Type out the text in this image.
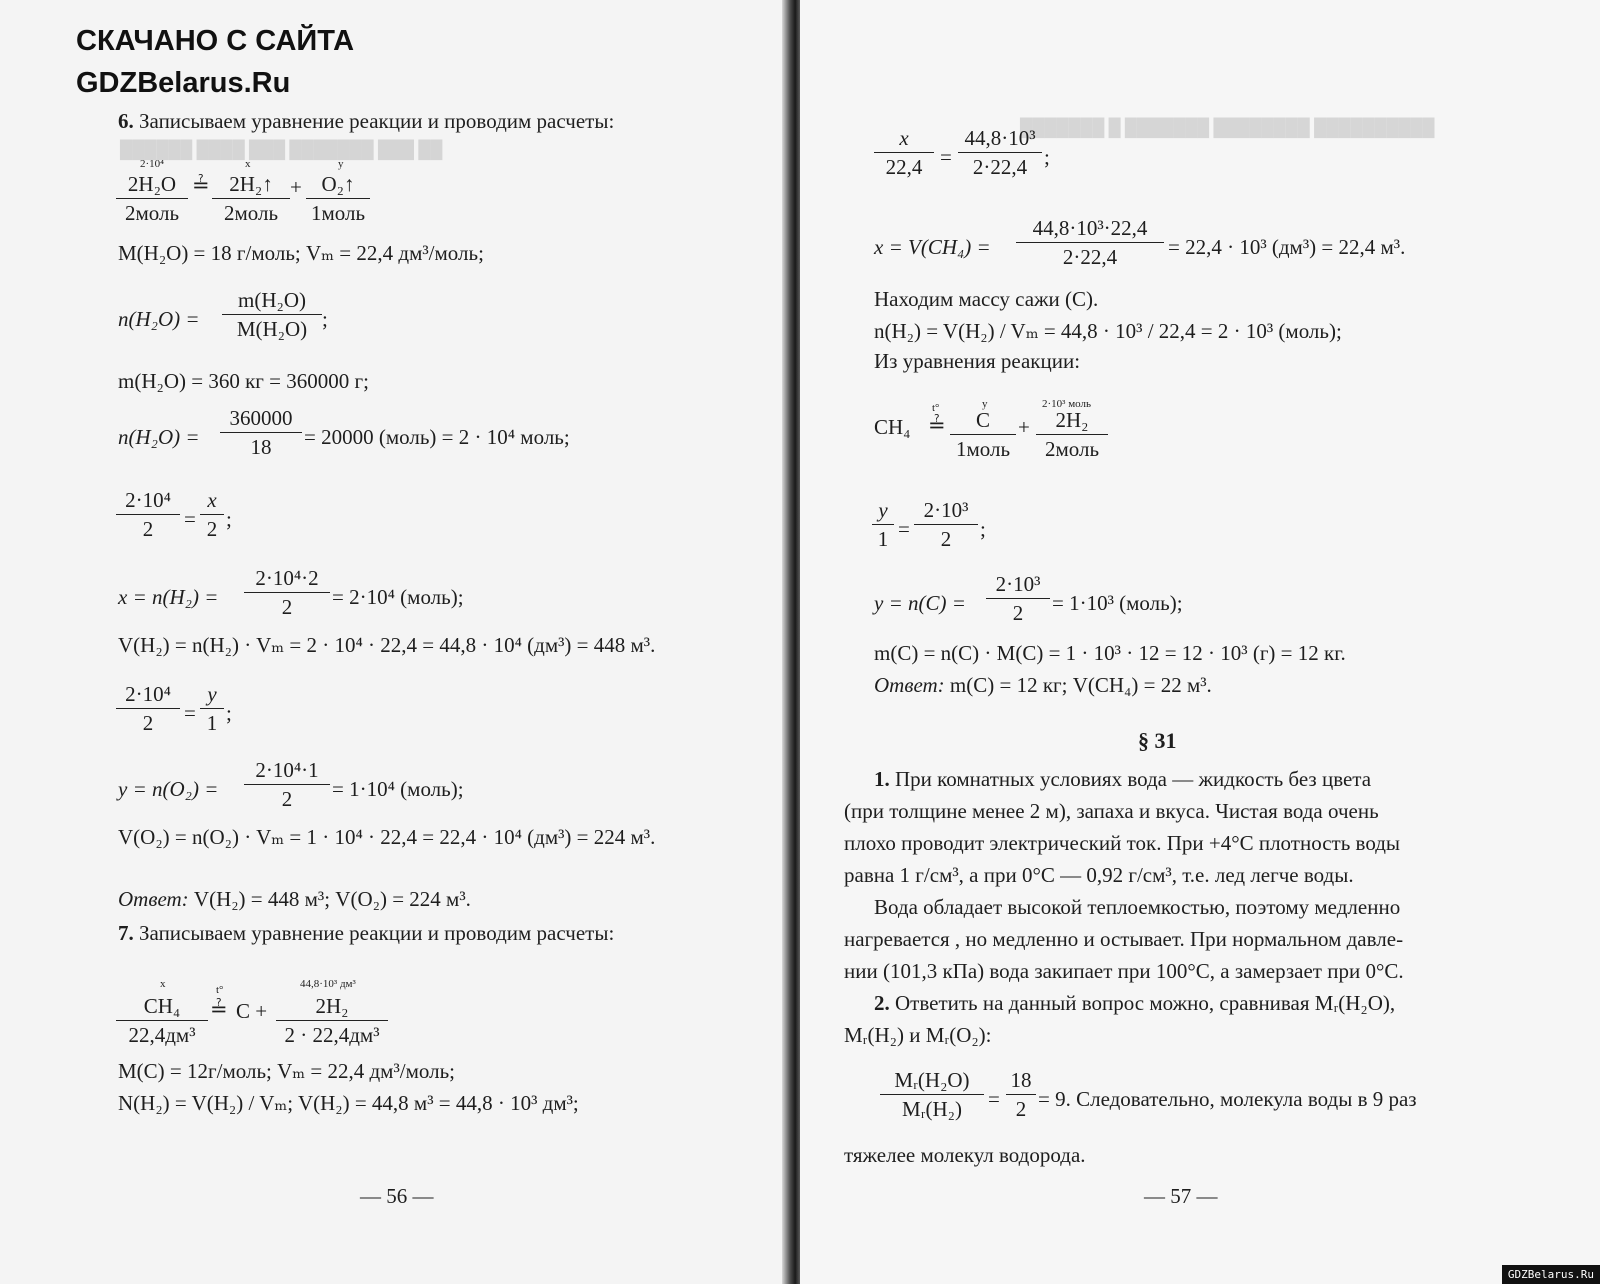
██ ███ ███████ ███ ████ ██████
СКАЧАНО С САЙТА
GDZBelarus.Ru
6. Записываем уравнение реакции и проводим расчеты:
2·10⁴	x	y
2H₂O
2моль
≟ 2H₂↑
2моль
+ O₂↑
1моль
M(H₂O) = 18 г/моль; Vₘ = 22,4 дм³/моль;
$n(H_2O) = \frac{\text{m(H₂O)}}{\text{M(H₂O)}}$ ;
m(H₂O) = 360 кг = 360000 г;
$n(H_2O) = \frac{360000}{18} = 20000$ (моль) = 2 · 10⁴ моль;
$\frac{\text{2·10⁴}}{2} = \frac{x}{2}$ ;
$x = n(H_2) = \frac{\text{2·10⁴·2}}{2} = 2\cdot 10^4$ (моль);
V(H₂) = n(H₂) · Vₘ = 2 · 10⁴ · 22,4 = 44,8 · 10⁴ (дм³) = 448 м³.
$\frac{\text{2·10⁴}}{2} = \frac{y}{1}$ ;
$y = n(O_2) = \frac{\text{2·10⁴·1}}{2} = 1\cdot 10^4$ (моль);
V(O₂) = n(O₂) · Vₘ = 1 · 10⁴ · 22,4 = 22,4 · 10⁴ (дм³) = 224 м³.
Ответ: V(H₂) = 448 м³; V(O₂) = 224 м³.
7. Записываем уравнение реакции и проводим расчеты:
x	44,8·10³ дм³
CH₄
22,4дм³
t°
≟ C +	2H₂
2 · 22,4дм³
M(C) = 12г/моль; Vₘ = 22,4 дм³/моль;
N(H₂) = V(H₂) / Vₘ; V(H₂) = 44,8 м³ = 44,8 · 10³ дм³;
— 56 —
██████████ ████████ ███████ █ ███████
$\frac{x}{22,4} = \frac{\text{44,8·10³}}{2\cdot 22,4}$ ;
$x = V(CH_4) = \frac{\text{44,8·10³·22,4}}{2\cdot 22,4} = 22,4 \cdot 10^3$ (дм³) = 22,4 м³.
Находим массу сажи (C).
n(H₂) = V(H₂) / Vₘ = 44,8 · 10³ / 22,4 = 2 · 10³ (моль);
Из уравнения реакции:
CH₄
t°
≟
y
C
1моль
+
2·10³ моль
2H₂
2моль
$\frac{y}{1} = \frac{\text{2·10³}}{2}$ ;
$y = n(C) = \frac{\text{2·10³}}{2} = 1\cdot 10^3$ (моль);
m(C) = n(C) · M(C) = 1 · 10³ · 12 = 12 · 10³ (г) = 12 кг.
Ответ: m(C) = 12 кг; V(CH₄) = 22 м³.
§ 31
1. При комнатных условиях вода — жидкость без цвета
(при толщине менее 2 м), запаха и вкуса. Чистая вода очень
плохо проводит электрический ток. При +4°C плотность воды
равна 1 г/см³, а при 0°C — 0,92 г/см³, т.е. лед легче воды.
Вода обладает высокой теплоемкостью, поэтому медленно
нагревается , но медленно и остывает. При нормальном давле-
нии (101,3 кПа) вода закипает при 100°C, а замерзает при 0°C.
2. Ответить на данный вопрос можно, сравнивая Mᵣ(H₂O),
Mᵣ(H₂) и Mᵣ(O₂):
$\frac{\text{Mᵣ(H₂O)}}{\text{Mᵣ(H₂)}} = \frac{18}{2} = 9$. Следовательно, молекула воды в 9 раз
тяжелее молекул водорода.
— 57 —
GDZBelarus.Ru
